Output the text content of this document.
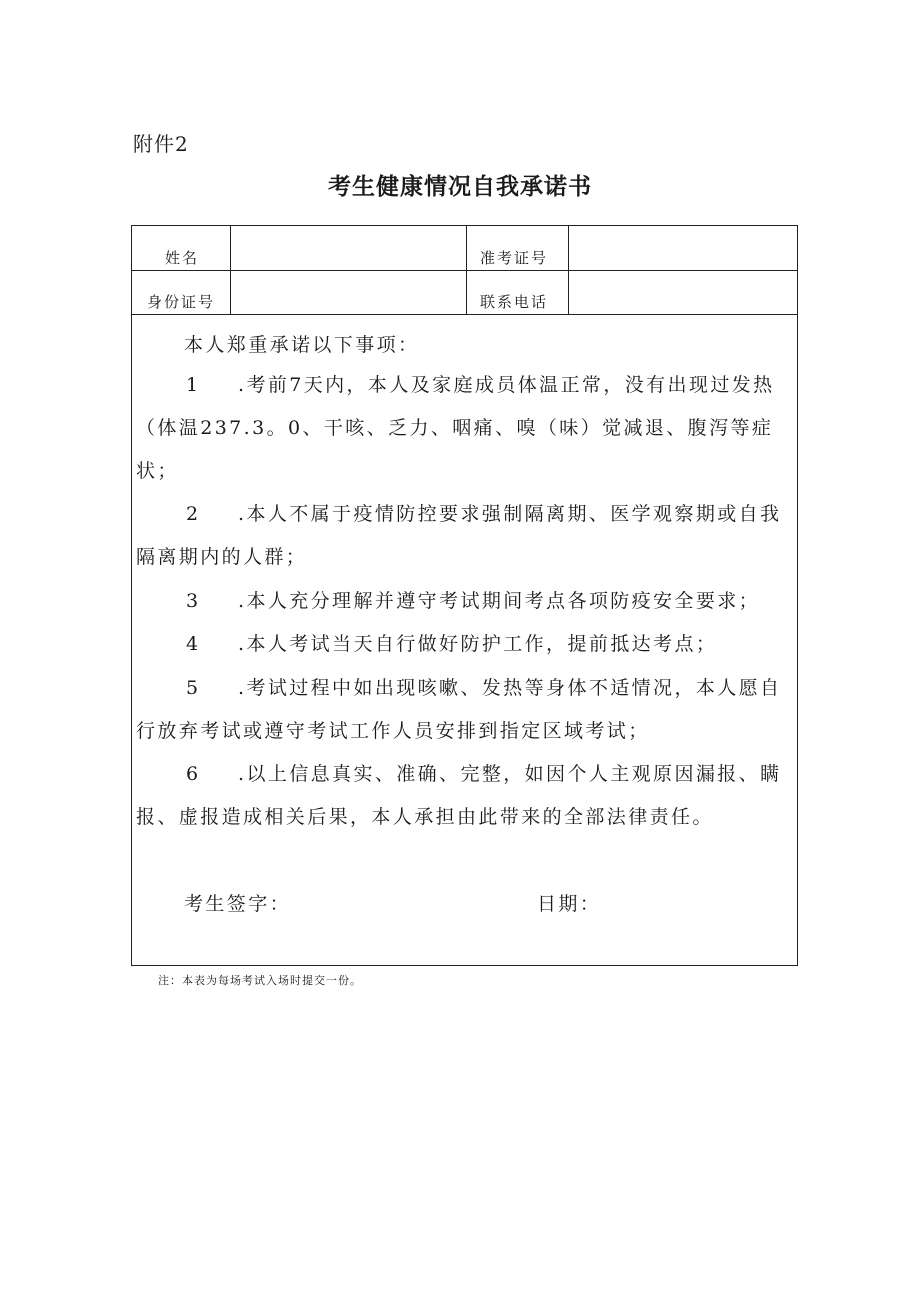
附件2
考生健康情况自我承诺书
姓名	准考证号
身份证号	联系电话
本人郑重承诺以下事项：
1 .考前7天内，本人及家庭成员体温正常，没有出现过发热
（体温237.3。0、干咳、乏力、咽痛、嗅（味）觉减退、腹泻等症
状；
2 .本人不属于疫情防控要求强制隔离期、医学观察期或自我
隔离期内的人群；
3 .本人充分理解并遵守考试期间考点各项防疫安全要求；
4 .本人考试当天自行做好防护工作，提前抵达考点；
5 .考试过程中如出现咳嗽、发热等身体不适情况，本人愿自
行放弃考试或遵守考试工作人员安排到指定区域考试；
6 .以上信息真实、准确、完整，如因个人主观原因漏报、瞒
报、虚报造成相关后果，本人承担由此带来的全部法律责任。
考生签字：	日期：
注：本表为每场考试入场时提交一份。
